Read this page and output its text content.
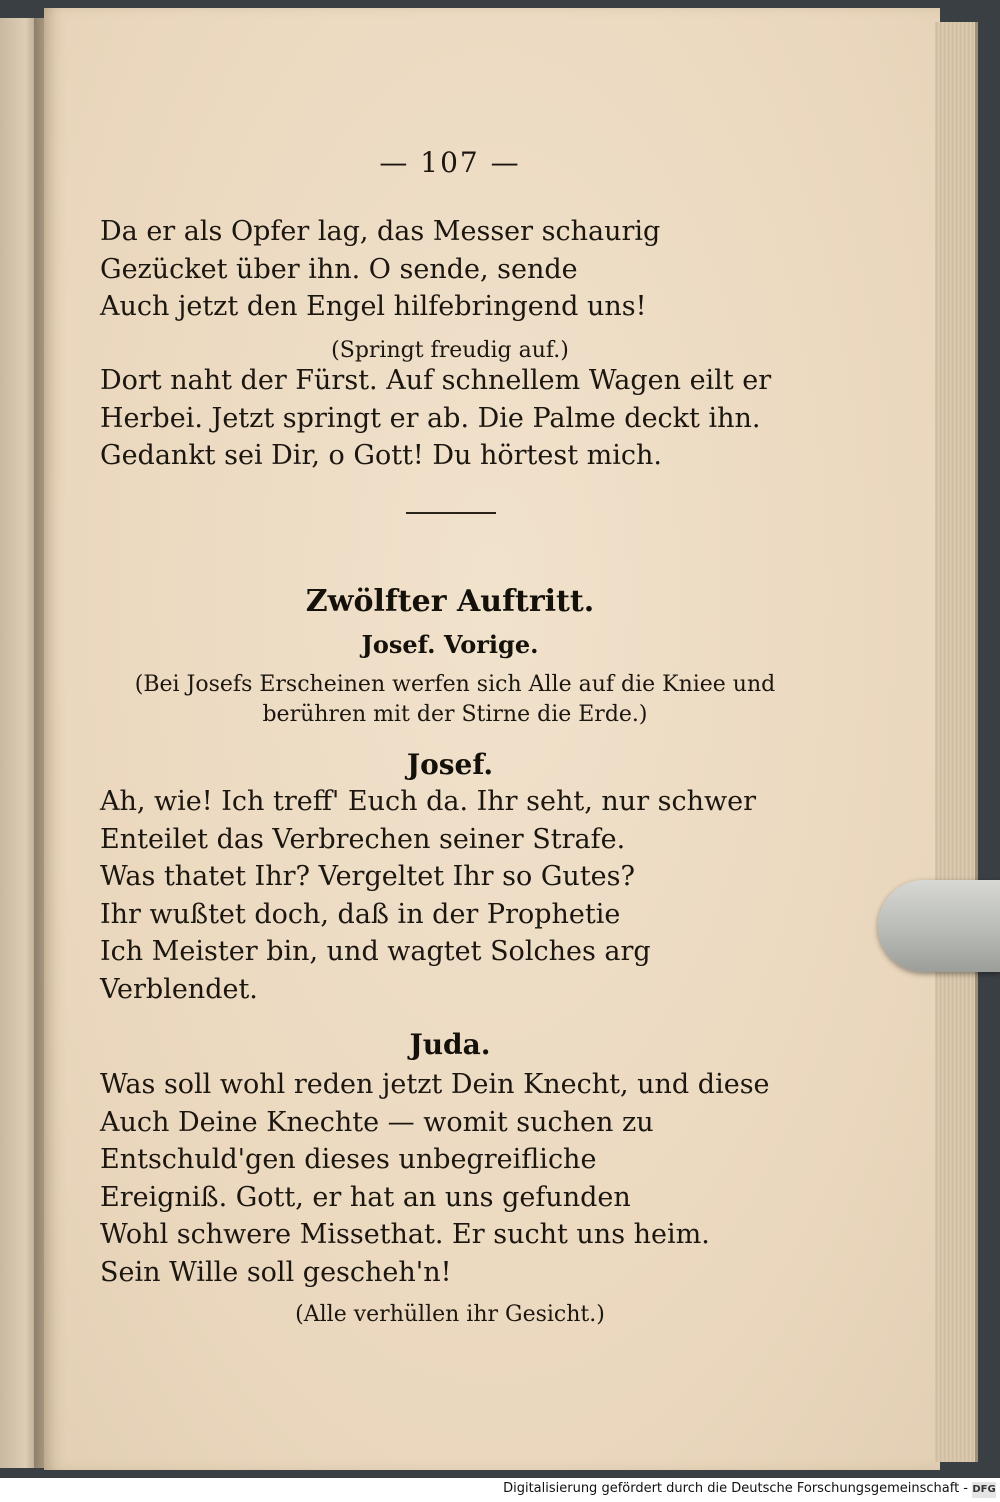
— 107 —

Da er als Opfer lag, das Messer schaurig

Gezücket über ihn. O sende, sende

Auch jetzt den Engel hilfebringend uns!

(Springt freudig auf.)

Dort naht der Fürst. Auf schnellem Wagen eilt er

Herbei. Jetzt springt er ab. Die Palme deckt ihn.

Gedankt sei Dir, o Gott! Du hörtest mich.

Zwölfter Auftritt.
Josef. Vorige.
(Bei Josefs Erscheinen werfen sich Alle auf die Kniee und
berühren mit der Stirne die Erde.)
Josef.

Ah, wie! Ich treff' Euch da. Ihr seht, nur schwer

Enteilet das Verbrechen seiner Strafe.

Was thatet Ihr? Vergeltet Ihr so Gutes?

Ihr wußtet doch, daß in der Prophetie

Ich Meister bin, und wagtet Solches arg

Verblendet.

Juda.

Was soll wohl reden jetzt Dein Knecht, und diese

Auch Deine Knechte — womit suchen zu

Entschuld'gen dieses unbegreifliche

Ereigniß. Gott, er hat an uns gefunden

Wohl schwere Missethat. Er sucht uns heim.

Sein Wille soll gescheh'n!

(Alle verhüllen ihr Gesicht.)
Digitalisierung gefördert durch die Deutsche Forschungsgemeinschaft - DFG
